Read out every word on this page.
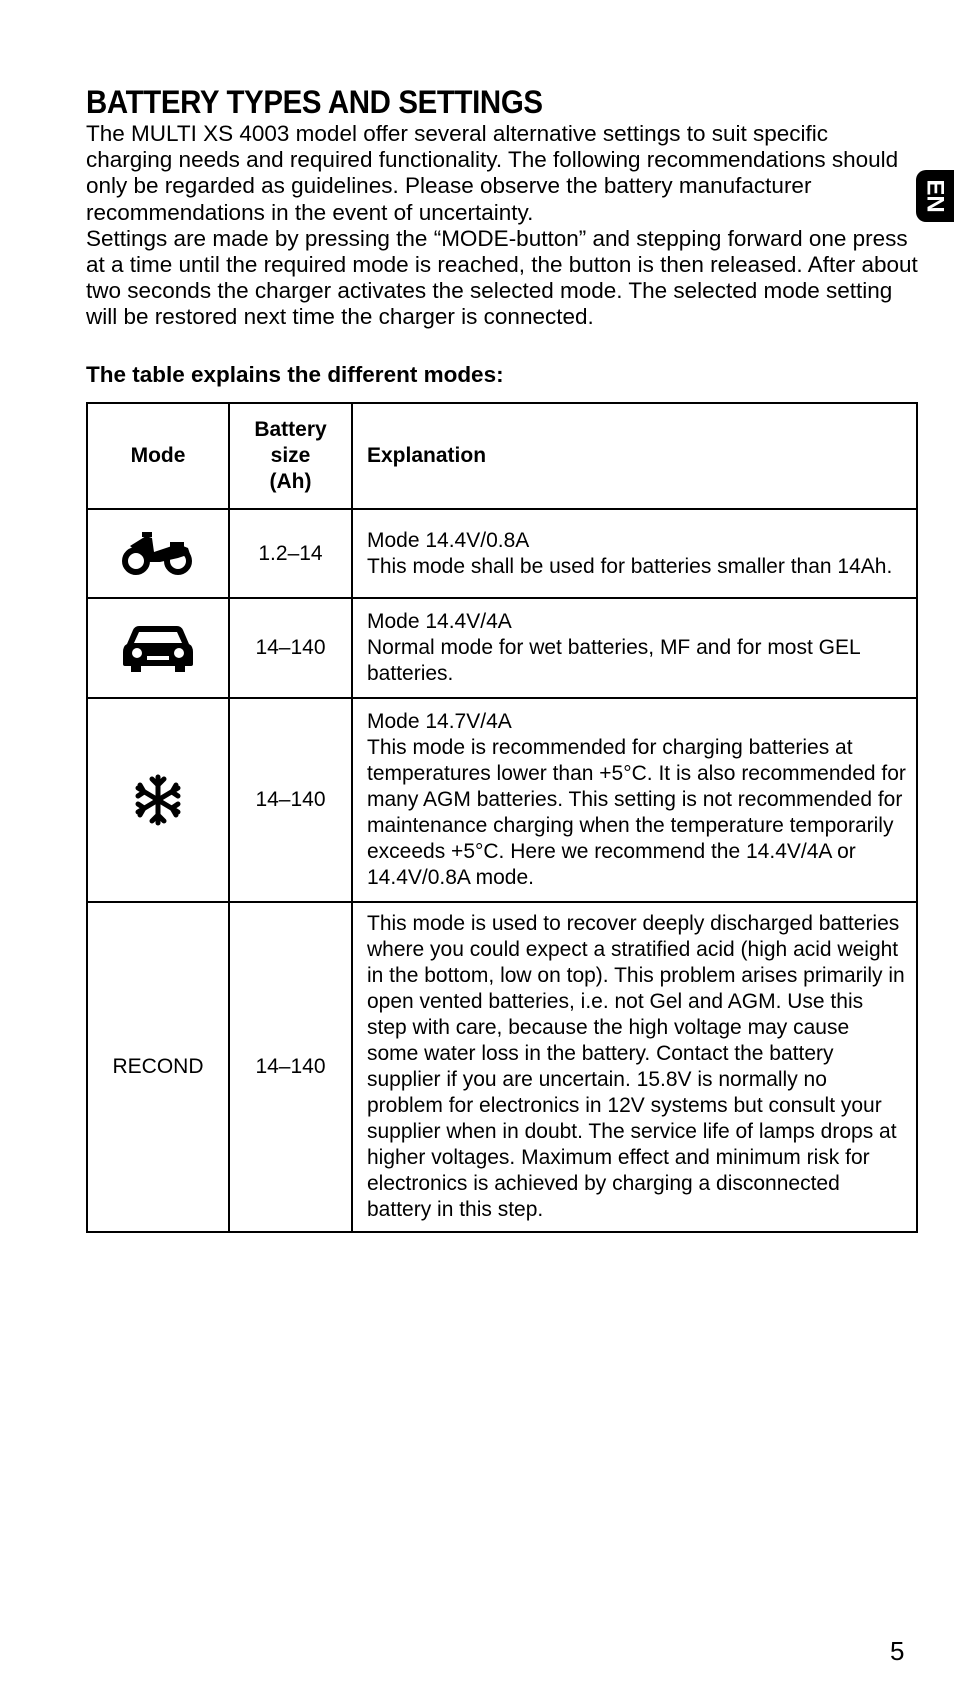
BATTERY TYPES AND SETTINGS

The MULTI XS 4003 model offer several alternative settings to suit specific charging needs and required functionality. The following recommendations should only be regarded as guidelines. Please observe the battery manufacturer recommendations in the event of uncertainty.

Settings are made by pressing the “MODE-button” and stepping forward one press at a time until the required mode is reached, the button is then released. After about two seconds the charger activates the selected mode. The selected mode setting will be restored next time the charger is connected.

The table explains the different modes:

Mode	Battery
size
(Ah)	Explanation
	1.2–14	Mode 14.4V/0.8A
This mode shall be used for batteries smaller than 14Ah.

	14–140	Mode 14.4V/4A
Normal mode for wet batteries, MF and for most GEL batteries.

	14–140	Mode 14.7V/4A
This mode is recommended for charging batteries at temperatures lower than +5°C. It is also recommended for many AGM batteries. This setting is not recommended for maintenance charging when the temperature temporarily exceeds +5°C. Here we recommend the 14.4V/4A or 14.4V/0.8A mode.

RECOND	14–140	This mode is used to recover deeply discharged batteries where you could expect a stratified acid (high acid weight in the bottom, low on top). This problem arises primarily in open vented batteries, i.e. not Gel and AGM. Use this step with care, because the high voltage may cause some water loss in the battery. Contact the battery supplier if you are uncertain. 15.8V is normally no problem for electronics in 12V systems but consult your supplier when in doubt. The service life of lamps drops at higher voltages. Maximum effect and minimum risk for electronics is achieved by charging a disconnected battery in this step.
EN
5
